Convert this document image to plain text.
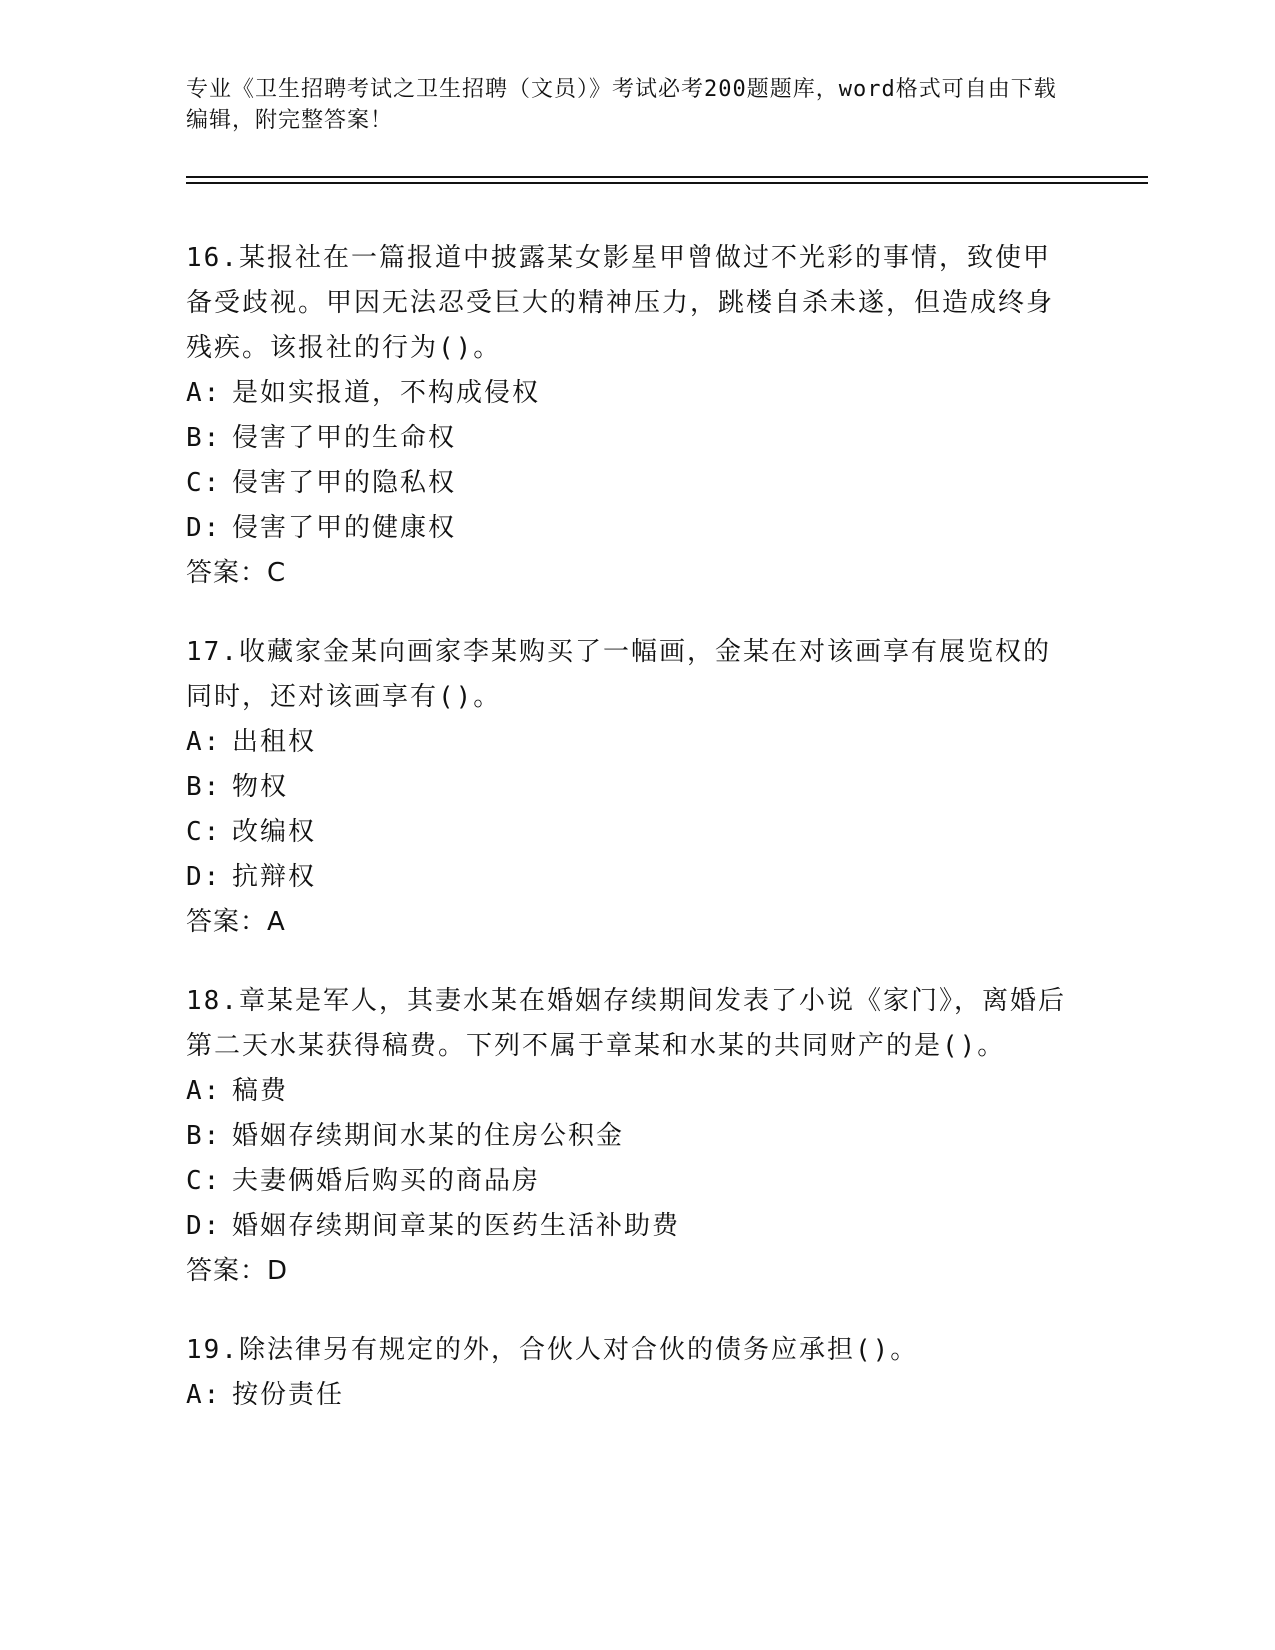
专业《卫生招聘考试之卫生招聘（文员）》考试必考200题题库，word格式可自由下载编辑，附完整答案！

16.某报社在一篇报道中披露某女影星甲曾做过不光彩的事情，致使甲备受歧视。甲因无法忍受巨大的精神压力，跳楼自杀未遂，但造成终身残疾。该报社的行为()。

A: 是如实报道，不构成侵权

B: 侵害了甲的生命权

C: 侵害了甲的隐私权

D: 侵害了甲的健康权

答案：C

17.收藏家金某向画家李某购买了一幅画，金某在对该画享有展览权的同时，还对该画享有()。

A: 出租权

B: 物权

C: 改编权

D: 抗辩权

答案：A

18.章某是军人，其妻水某在婚姻存续期间发表了小说《家门》，离婚后第二天水某获得稿费。下列不属于章某和水某的共同财产的是()。

A: 稿费

B: 婚姻存续期间水某的住房公积金

C: 夫妻俩婚后购买的商品房

D: 婚姻存续期间章某的医药生活补助费

答案：D

19.除法律另有规定的外，合伙人对合伙的债务应承担()。

A: 按份责任
